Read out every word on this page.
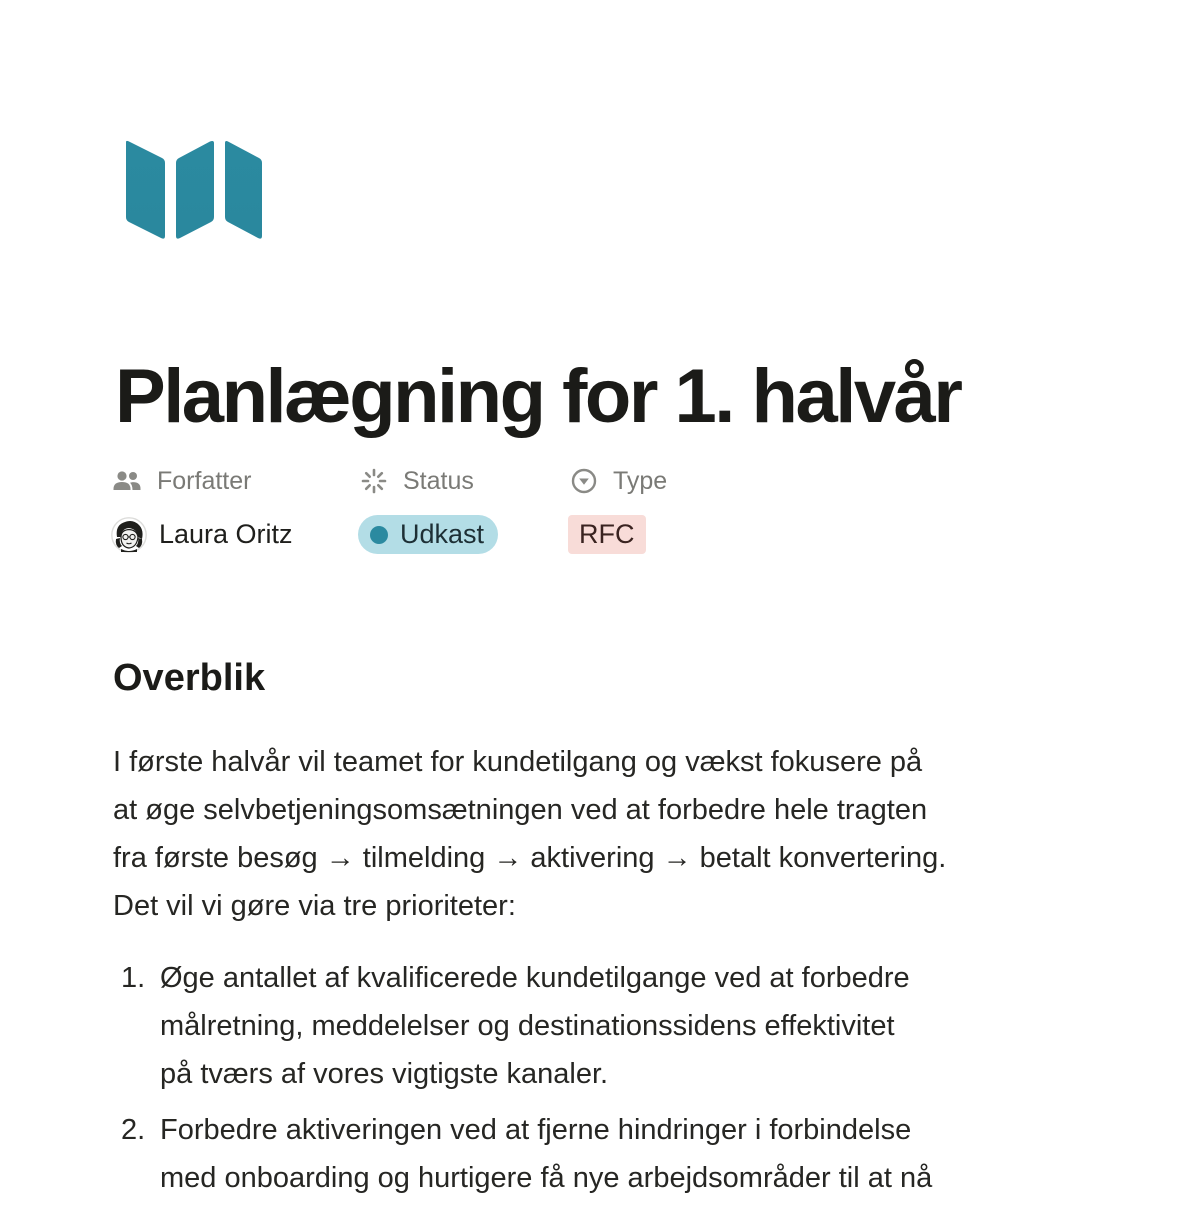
Planlægning for 1. halvår
Forfatter	Status	Type
Laura Oritz	Udkast	RFC
Overblik

I første halvår vil teamet for kundetilgang og vækst fokusere på
at øge selvbetjeningsomsætningen ved at forbedre hele tragten
fra første besøg → tilmelding → aktivering → betalt konvertering.
Det vil vi gøre via tre prioriteter:

1. Øge antallet af kvalificerede kundetilgange ved at forbedre
målretning, meddelelser og destinationssidens effektivitet
på tværs af vores vigtigste kanaler.
2. Forbedre aktiveringen ved at fjerne hindringer i forbindelse
med onboarding og hurtigere få nye arbejdsområder til at nå
